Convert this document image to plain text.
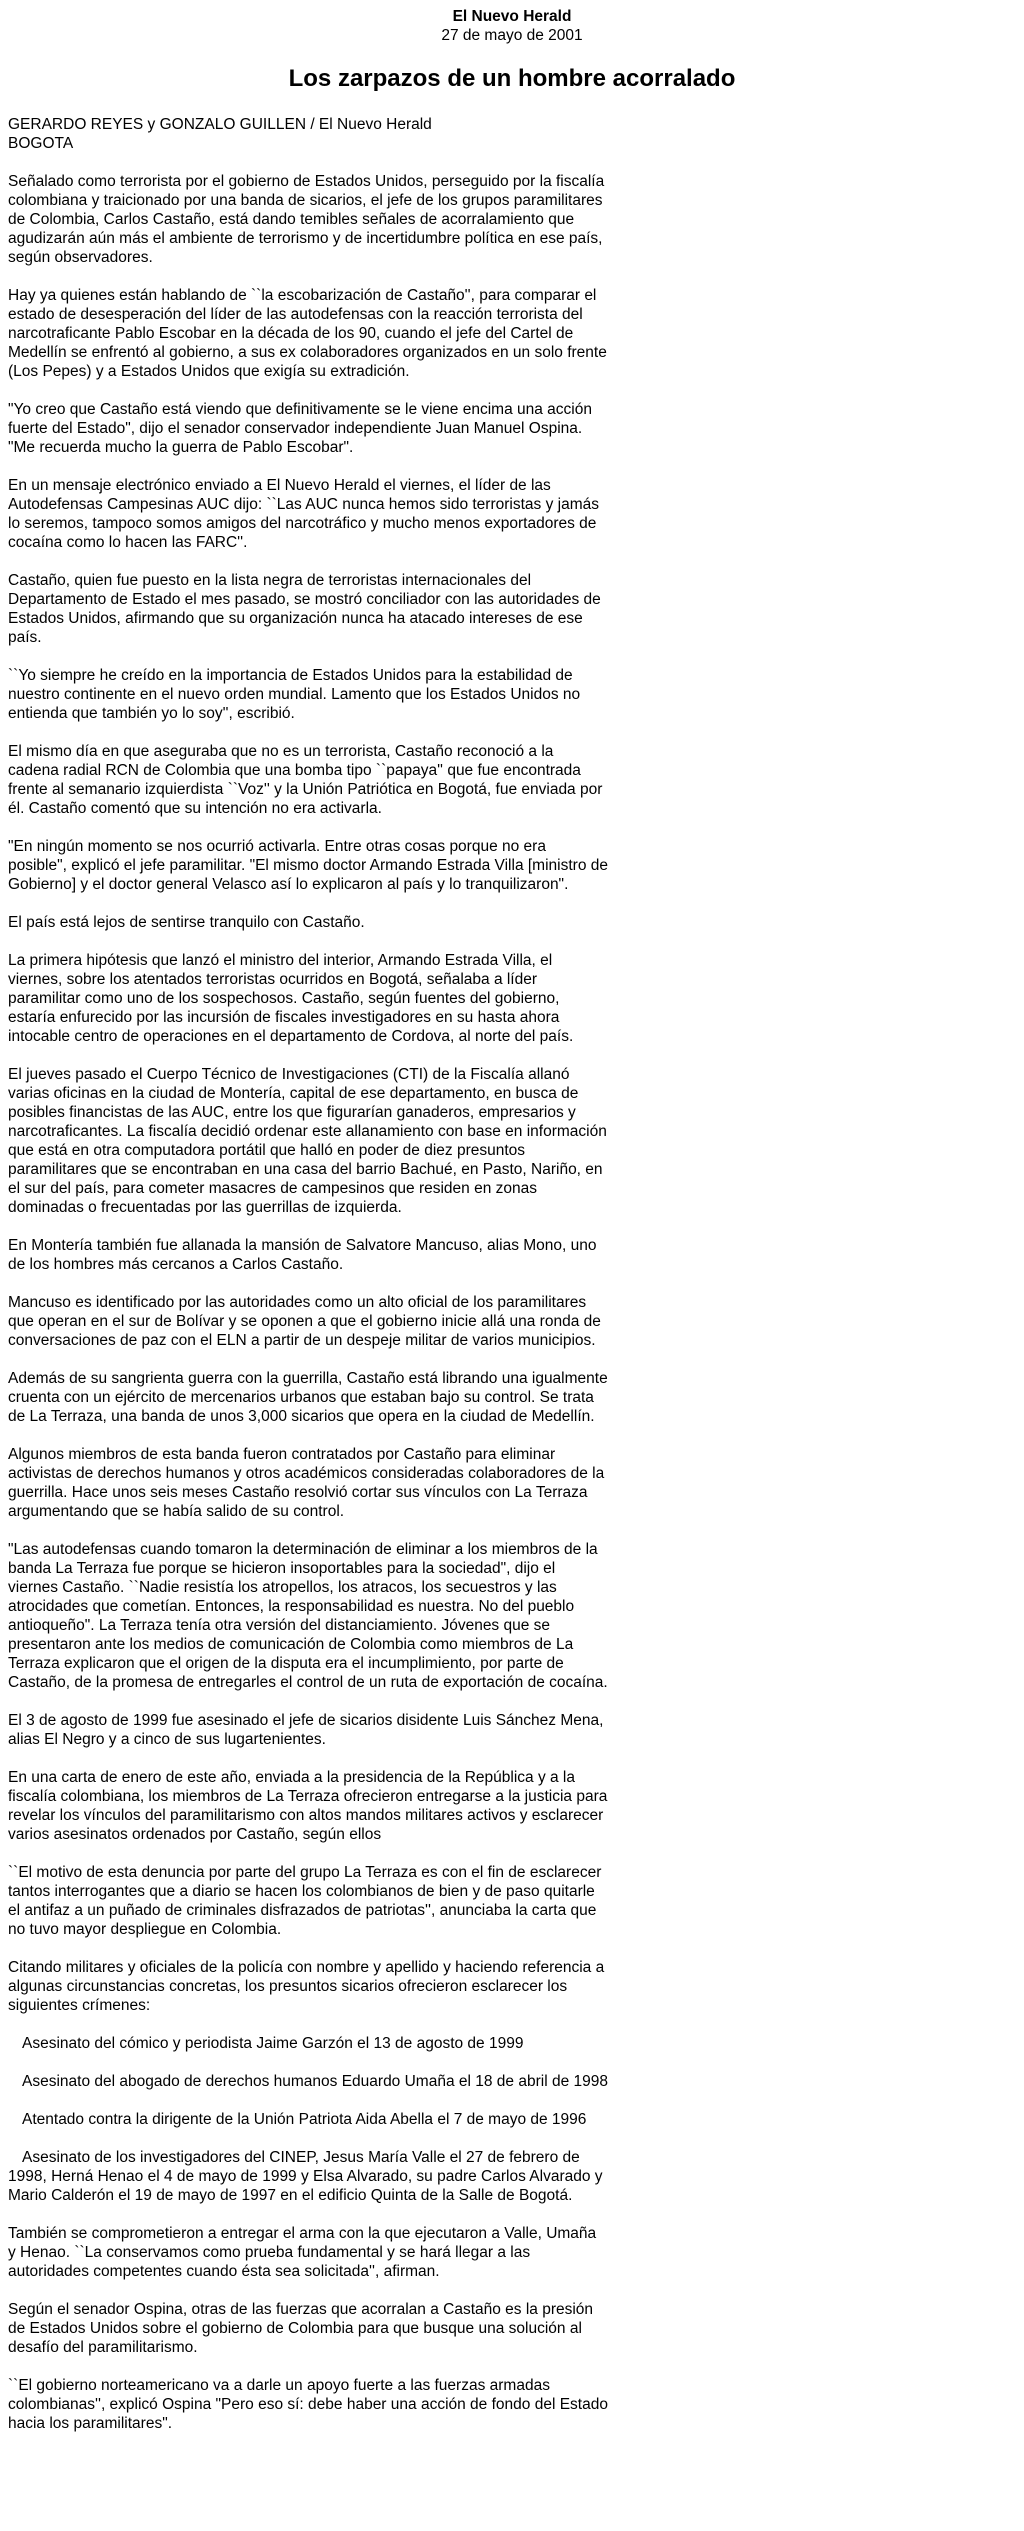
El Nuevo Herald
27 de mayo de 2001
Los zarpazos de un hombre acorralado
GERARDO REYES y GONZALO GUILLEN / El Nuevo Herald
BOGOTA

Señalado como terrorista por el gobierno de Estados Unidos, perseguido por la fiscalía colombiana y traicionado por una banda de sicarios, el jefe de los grupos paramilitares de Colombia, Carlos Castaño, está dando temibles señales de acorralamiento que agudizarán aún más el ambiente de terrorismo y de incertidumbre política en ese país, según observadores.

Hay ya quienes están hablando de ``la escobarización de Castaño'', para comparar el estado de desesperación del líder de las autodefensas con la reacción terrorista del narcotraficante Pablo Escobar en la década de los 90, cuando el jefe del Cartel de Medellín se enfrentó al gobierno, a sus ex colaboradores organizados en un solo frente (Los Pepes) y a Estados Unidos que exigía su extradición.

"Yo creo que Castaño está viendo que definitivamente se le viene encima una acción fuerte del Estado", dijo el senador conservador independiente Juan Manuel Ospina. "Me recuerda mucho la guerra de Pablo Escobar".

En un mensaje electrónico enviado a El Nuevo Herald el viernes, el líder de las Autodefensas Campesinas AUC dijo: ``Las AUC nunca hemos sido terroristas y jamás lo seremos, tampoco somos amigos del narcotráfico y mucho menos exportadores de cocaína como lo hacen las FARC''.

Castaño, quien fue puesto en la lista negra de terroristas internacionales del Departamento de Estado el mes pasado, se mostró conciliador con las autoridades de Estados Unidos, afirmando que su organización nunca ha atacado intereses de ese país.

``Yo siempre he creído en la importancia de Estados Unidos para la estabilidad de nuestro continente en el nuevo orden mundial. Lamento que los Estados Unidos no entienda que también yo lo soy'', escribió.

El mismo día en que aseguraba que no es un terrorista, Castaño reconoció a la cadena radial RCN de Colombia que una bomba tipo ``papaya'' que fue encontrada frente al semanario izquierdista ``Voz'' y la Unión Patriótica en Bogotá, fue enviada por él. Castaño comentó que su intención no era activarla.

"En ningún momento se nos ocurrió activarla. Entre otras cosas porque no era posible", explicó el jefe paramilitar. "El mismo doctor Armando Estrada Villa [ministro de Gobierno] y el doctor general Velasco así lo explicaron al país y lo tranquilizaron".

El país está lejos de sentirse tranquilo con Castaño.

La primera hipótesis que lanzó el ministro del interior, Armando Estrada Villa, el viernes, sobre los atentados terroristas ocurridos en Bogotá, señalaba a líder paramilitar como uno de los sospechosos. Castaño, según fuentes del gobierno, estaría enfurecido por las incursión de fiscales investigadores en su hasta ahora intocable centro de operaciones en el departamento de Cordova, al norte del país.

El jueves pasado el Cuerpo Técnico de Investigaciones (CTI) de la Fiscalía allanó varias oficinas en la ciudad de Montería, capital de ese departamento, en busca de posibles financistas de las AUC, entre los que figurarían ganaderos, empresarios y narcotraficantes. La fiscalía decidió ordenar este allanamiento con base en información que está en otra computadora portátil que halló en poder de diez presuntos paramilitares que se encontraban en una casa del barrio Bachué, en Pasto, Nariño, en el sur del país, para cometer masacres de campesinos que residen en zonas dominadas o frecuentadas por las guerrillas de izquierda.

En Montería también fue allanada la mansión de Salvatore Mancuso, alias Mono, uno de los hombres más cercanos a Carlos Castaño.

Mancuso es identificado por las autoridades como un alto oficial de los paramilitares que operan en el sur de Bolívar y se oponen a que el gobierno inicie allá una ronda de conversaciones de paz con el ELN a partir de un despeje militar de varios municipios.

Además de su sangrienta guerra con la guerrilla, Castaño está librando una igualmente cruenta con un ejército de mercenarios urbanos que estaban bajo su control. Se trata de La Terraza, una banda de unos 3,000 sicarios que opera en la ciudad de Medellín.

Algunos miembros de esta banda fueron contratados por Castaño para eliminar activistas de derechos humanos y otros académicos consideradas colaboradores de la guerrilla. Hace unos seis meses Castaño resolvió cortar sus vínculos con La Terraza argumentando que se había salido de su control.

"Las autodefensas cuando tomaron la determinación de eliminar a los miembros de la banda La Terraza fue porque se hicieron insoportables para la sociedad", dijo el viernes Castaño. ``Nadie resistía los atropellos, los atracos, los secuestros y las atrocidades que cometían. Entonces, la responsabilidad es nuestra. No del pueblo antioqueño". La Terraza tenía otra versión del distanciamiento. Jóvenes que se presentaron ante los medios de comunicación de Colombia como miembros de La Terraza explicaron que el origen de la disputa era el incumplimiento, por parte de Castaño, de la promesa de entregarles el control de un ruta de exportación de cocaína.

El 3 de agosto de 1999 fue asesinado el jefe de sicarios disidente Luis Sánchez Mena, alias El Negro y a cinco de sus lugartenientes.

En una carta de enero de este año, enviada a la presidencia de la República y a la fiscalía colombiana, los miembros de La Terraza ofrecieron entregarse a la justicia para revelar los vínculos del paramilitarismo con altos mandos militares activos y esclarecer varios asesinatos ordenados por Castaño, según ellos

``El motivo de esta denuncia por parte del grupo La Terraza es con el fin de esclarecer tantos interrogantes que a diario se hacen los colombianos de bien y de paso quitarle el antifaz a un puñado de criminales disfrazados de patriotas'', anunciaba la carta que no tuvo mayor despliegue en Colombia.

Citando militares y oficiales de la policía con nombre y apellido y haciendo referencia a algunas circunstancias concretas, los presuntos sicarios ofrecieron esclarecer los siguientes crímenes:

Asesinato del cómico y periodista Jaime Garzón el 13 de agosto de 1999

Asesinato del abogado de derechos humanos Eduardo Umaña el 18 de abril de 1998

Atentado contra la dirigente de la Unión Patriota Aida Abella el 7 de mayo de 1996

Asesinato de los investigadores del CINEP, Jesus María Valle el 27 de febrero de 1998, Herná Henao el 4 de mayo de 1999 y Elsa Alvarado, su padre Carlos Alvarado y Mario Calderón el 19 de mayo de 1997 en el edificio Quinta de la Salle de Bogotá.

También se comprometieron a entregar el arma con la que ejecutaron a Valle, Umaña y Henao. ``La conservamos como prueba fundamental y se hará llegar a las autoridades competentes cuando ésta sea solicitada'', afirman.

Según el senador Ospina, otras de las fuerzas que acorralan a Castaño es la presión de Estados Unidos sobre el gobierno de Colombia para que busque una solución al desafío del paramilitarismo.

``El gobierno norteamericano va a darle un apoyo fuerte a las fuerzas armadas colombianas'', explicó Ospina "Pero eso sí: debe haber una acción de fondo del Estado hacia los paramilitares".
